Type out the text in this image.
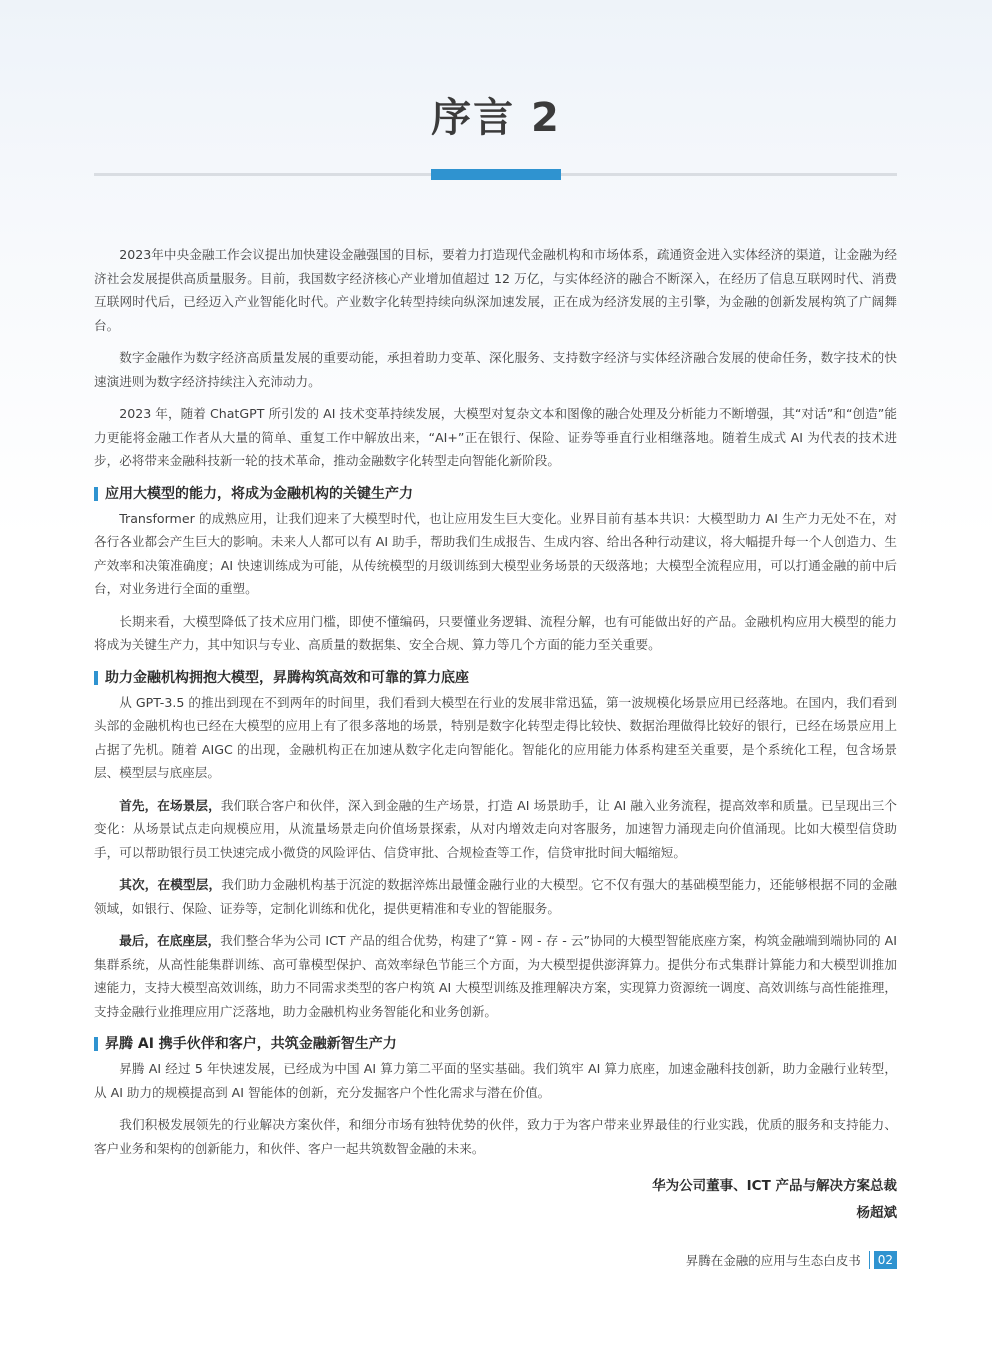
序言 2

2023年中央金融工作会议提出加快建设金融强国的目标，要着力打造现代金融机构和市场体系，疏通资金进入实体经济的渠道，让金融为经济社会发展提供高质量服务。目前，我国数字经济核心产业增加值超过 12 万亿，与实体经济的融合不断深入，在经历了信息互联网时代、消费互联网时代后，已经迈入产业智能化时代。产业数字化转型持续向纵深加速发展，正在成为经济发展的主引擎，为金融的创新发展构筑了广阔舞台。

数字金融作为数字经济高质量发展的重要动能，承担着助力变革、深化服务、支持数字经济与实体经济融合发展的使命任务，数字技术的快速演进则为数字经济持续注入充沛动力。

2023 年，随着 ChatGPT 所引发的 AI 技术变革持续发展，大模型对复杂文本和图像的融合处理及分析能力不断增强，其“对话”和“创造”能力更能将金融工作者从大量的简单、重复工作中解放出来，“AI+”正在银行、保险、证券等垂直行业相继落地。随着生成式 AI 为代表的技术进步，必将带来金融科技新一轮的技术革命，推动金融数字化转型走向智能化新阶段。

应用大模型的能力，将成为金融机构的关键生产力

Transformer 的成熟应用，让我们迎来了大模型时代，也让应用发生巨大变化。业界目前有基本共识：大模型助力 AI 生产力无处不在，对各行各业都会产生巨大的影响。未来人人都可以有 AI 助手，帮助我们生成报告、生成内容、给出各种行动建议，将大幅提升每一个人创造力、生产效率和决策准确度；AI 快速训练成为可能，从传统模型的月级训练到大模型业务场景的天级落地；大模型全流程应用，可以打通金融的前中后台，对业务进行全面的重塑。

长期来看，大模型降低了技术应用门槛，即使不懂编码，只要懂业务逻辑、流程分解，也有可能做出好的产品。金融机构应用大模型的能力将成为关键生产力，其中知识与专业、高质量的数据集、安全合规、算力等几个方面的能力至关重要。

助力金融机构拥抱大模型，昇腾构筑高效和可靠的算力底座

从 GPT-3.5 的推出到现在不到两年的时间里，我们看到大模型在行业的发展非常迅猛，第一波规模化场景应用已经落地。在国内，我们看到头部的金融机构也已经在大模型的应用上有了很多落地的场景，特别是数字化转型走得比较快、数据治理做得比较好的银行，已经在场景应用上占据了先机。随着 AIGC 的出现，金融机构正在加速从数字化走向智能化。智能化的应用能力体系构建至关重要，是个系统化工程，包含场景层、模型层与底座层。

首先，在场景层，我们联合客户和伙伴，深入到金融的生产场景，打造 AI 场景助手，让 AI 融入业务流程，提高效率和质量。已呈现出三个变化：从场景试点走向规模应用，从流量场景走向价值场景探索，从对内增效走向对客服务，加速智力涌现走向价值涌现。比如大模型信贷助手，可以帮助银行员工快速完成小微贷的风险评估、信贷审批、合规检查等工作，信贷审批时间大幅缩短。

其次，在模型层，我们助力金融机构基于沉淀的数据淬炼出最懂金融行业的大模型。它不仅有强大的基础模型能力，还能够根据不同的金融领域，如银行、保险、证券等，定制化训练和优化，提供更精准和专业的智能服务。

最后，在底座层，我们整合华为公司 ICT 产品的组合优势，构建了“算 - 网 - 存 - 云”协同的大模型智能底座方案，构筑金融端到端协同的 AI 集群系统，从高性能集群训练、高可靠模型保护、高效率绿色节能三个方面，为大模型提供澎湃算力。提供分布式集群计算能力和大模型训推加速能力，支持大模型高效训练，助力不同需求类型的客户构筑 AI 大模型训练及推理解决方案，实现算力资源统一调度、高效训练与高性能推理，支持金融行业推理应用广泛落地，助力金融机构业务智能化和业务创新。

昇腾 AI 携手伙伴和客户，共筑金融新智生产力

昇腾 AI 经过 5 年快速发展，已经成为中国 AI 算力第二平面的坚实基础。我们筑牢 AI 算力底座，加速金融科技创新，助力金融行业转型，从 AI 助力的规模提高到 AI 智能体的创新，充分发掘客户个性化需求与潜在价值。

我们积极发展领先的行业解决方案伙伴，和细分市场有独特优势的伙伴，致力于为客户带来业界最佳的行业实践，优质的服务和支持能力、客户业务和架构的创新能力，和伙伴、客户一起共筑数智金融的未来。

华为公司董事、ICT 产品与解决方案总裁
杨超斌
昇腾在金融的应用与生态白皮书	02
